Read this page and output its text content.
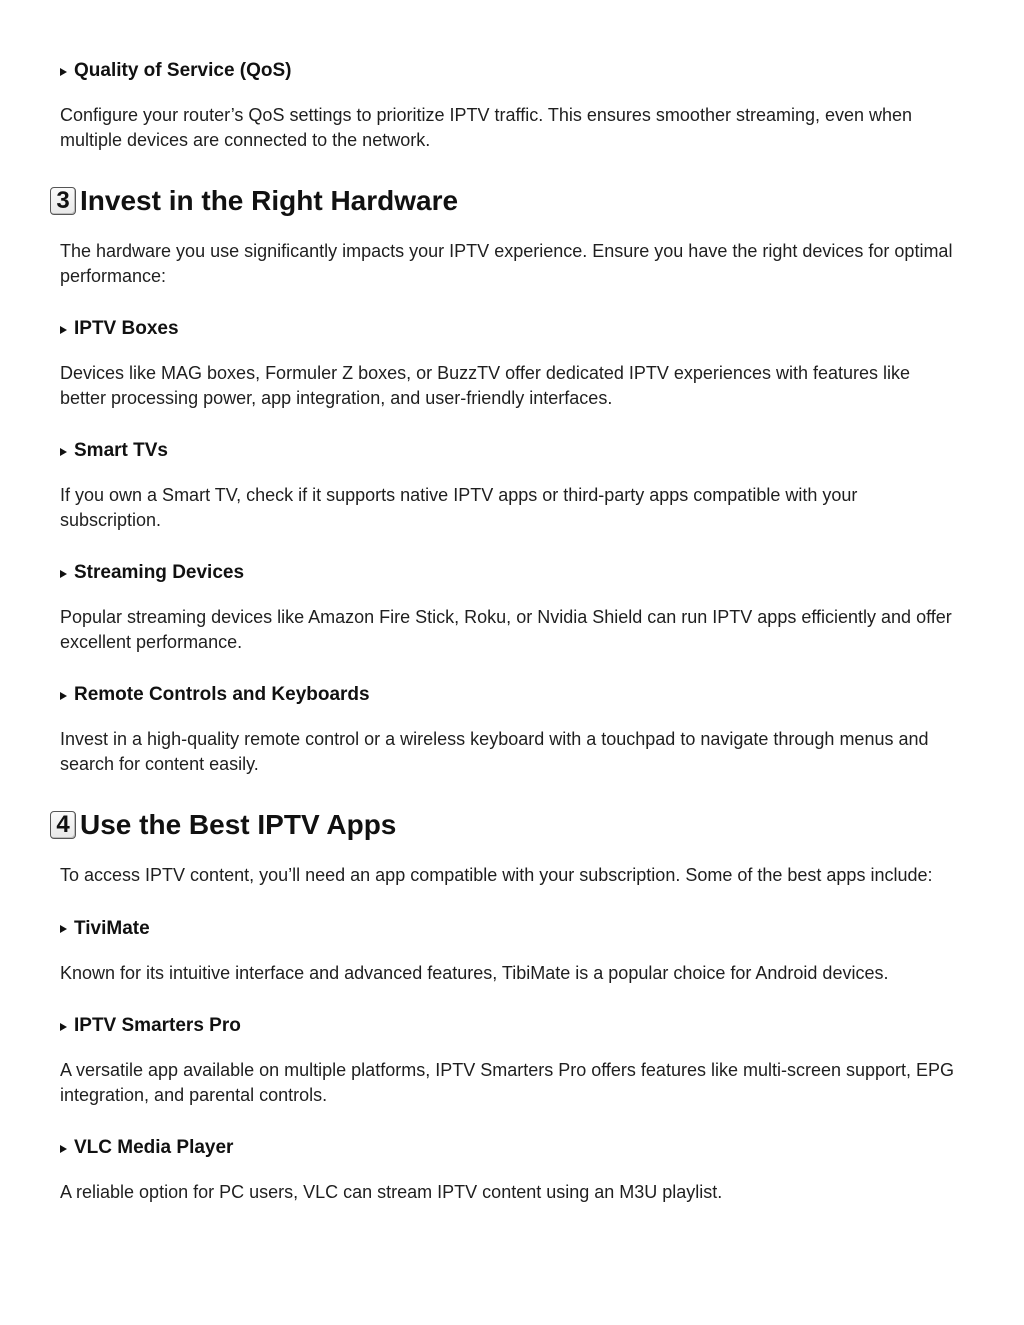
Quality of Service (QoS)

Configure your router’s QoS settings to prioritize IPTV traffic. This ensures smoother streaming, even when multiple devices are connected to the network.

3 Invest in the Right Hardware

The hardware you use significantly impacts your IPTV experience. Ensure you have the right devices for optimal performance:

IPTV Boxes

Devices like MAG boxes, Formuler Z boxes, or BuzzTV offer dedicated IPTV experiences with features like better processing power, app integration, and user-friendly interfaces.

Smart TVs

If you own a Smart TV, check if it supports native IPTV apps or third-party apps compatible with your subscription.

Streaming Devices

Popular streaming devices like Amazon Fire Stick, Roku, or Nvidia Shield can run IPTV apps efficiently and offer excellent performance.

Remote Controls and Keyboards

Invest in a high-quality remote control or a wireless keyboard with a touchpad to navigate through menus and search for content easily.

4 Use the Best IPTV Apps

To access IPTV content, you’ll need an app compatible with your subscription. Some of the best apps include:

TiviMate

Known for its intuitive interface and advanced features, TibiMate is a popular choice for Android devices.

IPTV Smarters Pro

A versatile app available on multiple platforms, IPTV Smarters Pro offers features like multi-screen support, EPG integration, and parental controls.

VLC Media Player

A reliable option for PC users, VLC can stream IPTV content using an M3U playlist.
